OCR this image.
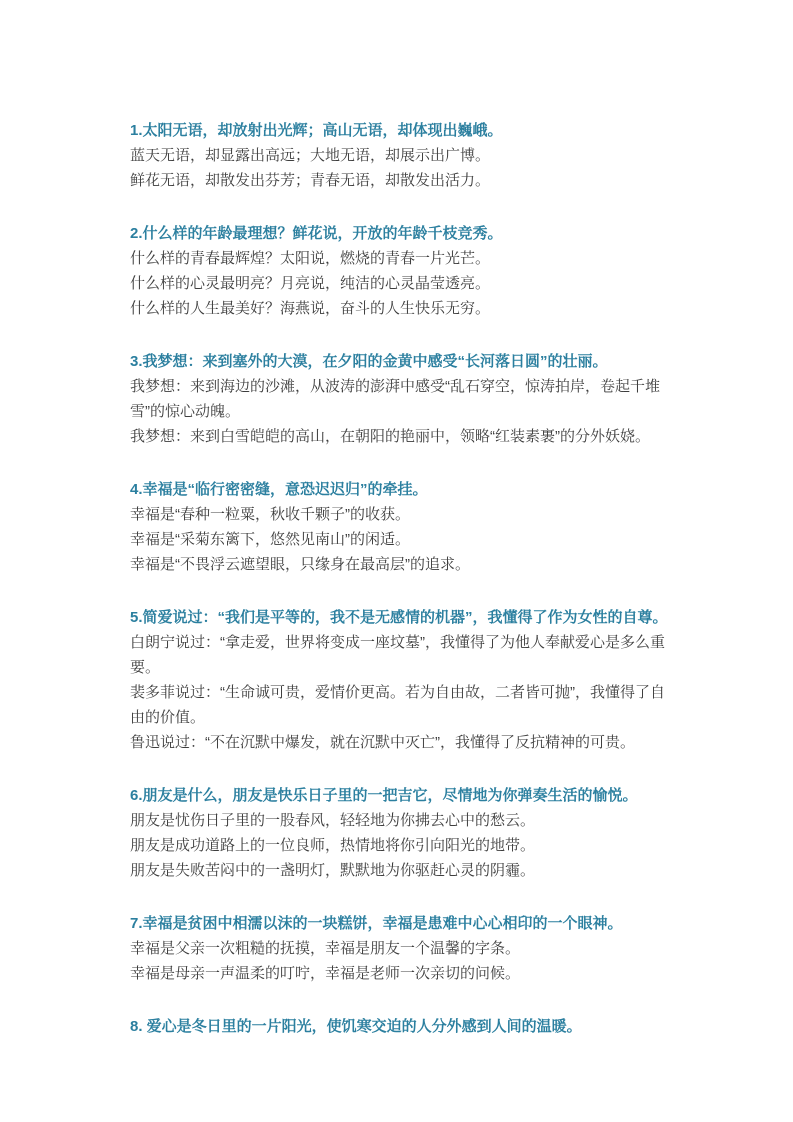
1.太阳无语，却放射出光辉；高山无语，却体现出巍峨。

蓝天无语，却显露出高远；大地无语，却展示出广博。

鲜花无语，却散发出芬芳；青春无语，却散发出活力。

2.什么样的年龄最理想？鲜花说，开放的年龄千枝竞秀。

什么样的青春最辉煌？太阳说，燃烧的青春一片光芒。

什么样的心灵最明亮？月亮说，纯洁的心灵晶莹透亮。

什么样的人生最美好？海燕说，奋斗的人生快乐无穷。

3.我梦想：来到塞外的大漠，在夕阳的金黄中感受“长河落日圆”的壮丽。

我梦想：来到海边的沙滩，从波涛的澎湃中感受“乱石穿空，惊涛拍岸，卷起千堆雪”的惊心动魄。

我梦想：来到白雪皑皑的高山，在朝阳的艳丽中，领略“红装素裹”的分外妖娆。

4.幸福是“临行密密缝，意恐迟迟归”的牵挂。

幸福是“春种一粒粟，秋收千颗子”的收获。

幸福是“采菊东篱下，悠然见南山”的闲适。

幸福是“不畏浮云遮望眼，只缘身在最高层”的追求。

5.简爱说过：“我们是平等的，我不是无感情的机器”，我懂得了作为女性的自尊。

白朗宁说过：“拿走爱，世界将变成一座坟墓”，我懂得了为他人奉献爱心是多么重要。

裴多菲说过：“生命诚可贵，爱情价更高。若为自由故，二者皆可抛”，我懂得了自由的价值。

鲁迅说过：“不在沉默中爆发，就在沉默中灭亡”，我懂得了反抗精神的可贵。

6.朋友是什么，朋友是快乐日子里的一把吉它，尽情地为你弹奏生活的愉悦。

朋友是忧伤日子里的一股春风，轻轻地为你拂去心中的愁云。

朋友是成功道路上的一位良师，热情地将你引向阳光的地带。

朋友是失败苦闷中的一盏明灯，默默地为你驱赶心灵的阴霾。

7.幸福是贫困中相濡以沫的一块糕饼，幸福是患难中心心相印的一个眼神。

幸福是父亲一次粗糙的抚摸，幸福是朋友一个温馨的字条。

幸福是母亲一声温柔的叮咛，幸福是老师一次亲切的问候。

8. 爱心是冬日里的一片阳光，使饥寒交迫的人分外感到人间的温暖。
